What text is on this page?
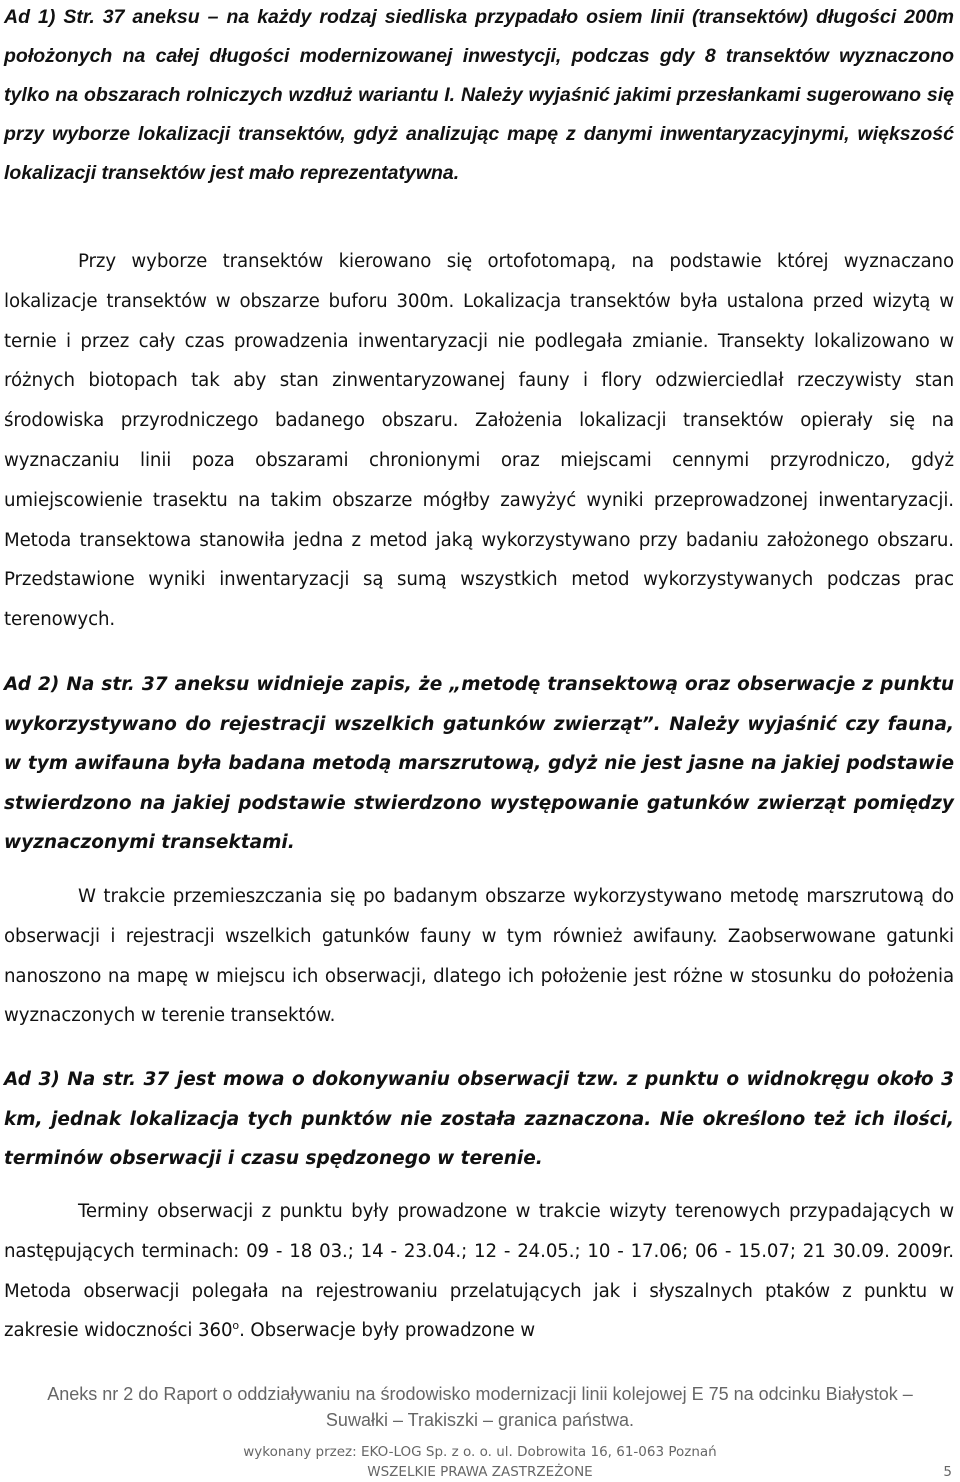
Ad 1) Str. 37 aneksu – na każdy rodzaj siedliska przypadało osiem linii (transektów) długości 200m położonych na całej długości modernizowanej inwestycji, podczas gdy 8 transektów wyznaczono tylko na obszarach rolniczych wzdłuż wariantu I. Należy wyjaśnić jakimi przesłankami sugerowano się przy wyborze lokalizacji transektów, gdyż analizując mapę z danymi inwentaryzacyjnymi, większość lokalizacji transektów jest mało reprezentatywna.

Przy wyborze transektów kierowano się ortofotomapą, na podstawie której wyznaczano lokalizacje transektów w obszarze buforu 300m. Lokalizacja transektów była ustalona przed wizytą w ternie i przez cały czas prowadzenia inwentaryzacji nie podlegała zmianie. Transekty lokalizowano w różnych biotopach tak aby stan zinwentaryzowanej fauny i flory odzwierciedlał rzeczywisty stan środowiska przyrodniczego badanego obszaru. Założenia lokalizacji transektów opierały się na wyznaczaniu linii poza obszarami chronionymi oraz miejscami cennymi przyrodniczo, gdyż umiejscowienie trasektu na takim obszarze mógłby zawyżyć wyniki przeprowadzonej inwentaryzacji. Metoda transektowa stanowiła jedna z metod jaką wykorzystywano przy badaniu założonego obszaru. Przedstawione wyniki inwentaryzacji są sumą wszystkich metod wykorzystywanych podczas prac terenowych.

Ad 2) Na str. 37 aneksu widnieje zapis, że „metodę transektową oraz obserwacje z punktu wykorzystywano do rejestracji wszelkich gatunków zwierząt”. Należy wyjaśnić czy fauna, w tym awifauna była badana metodą marszrutową, gdyż nie jest jasne na jakiej podstawie stwierdzono na jakiej podstawie stwierdzono występowanie gatunków zwierząt pomiędzy wyznaczonymi transektami.

W trakcie przemieszczania się po badanym obszarze wykorzystywano metodę marszrutową do obserwacji i rejestracji wszelkich gatunków fauny w tym również awifauny. Zaobserwowane gatunki nanoszono na mapę w miejscu ich obserwacji, dlatego ich położenie jest różne w stosunku do położenia wyznaczonych w terenie transektów.

Ad 3) Na str. 37 jest mowa o dokonywaniu obserwacji tzw. z punktu o widnokręgu około 3 km, jednak lokalizacja tych punktów nie została zaznaczona. Nie określono też ich ilości, terminów obserwacji i czasu spędzonego w terenie.

Terminy obserwacji z punktu były prowadzone w trakcie wizyty terenowych przypadających w następujących terminach: 09 - 18 03.; 14 - 23.04.; 12 - 24.05.; 10 - 17.06; 06 - 15.07; 21 30.09. 2009r. Metoda obserwacji polegała na rejestrowaniu przelatujących jak i słyszalnych ptaków z punktu w zakresie widoczności 360$^o$. Obserwacje były prowadzone w

Aneks nr 2 do Raport o oddziaływaniu na środowisko modernizacji linii kolejowej E 75 na odcinku Białystok – Suwałki – Trakiszki – granica państwa.

wykonany przez: EKO-LOG Sp. z o. o. ul. Dobrowita 16, 61-063 Poznań

WSZELKIE PRAWA ZASTRZEŻONE	5
